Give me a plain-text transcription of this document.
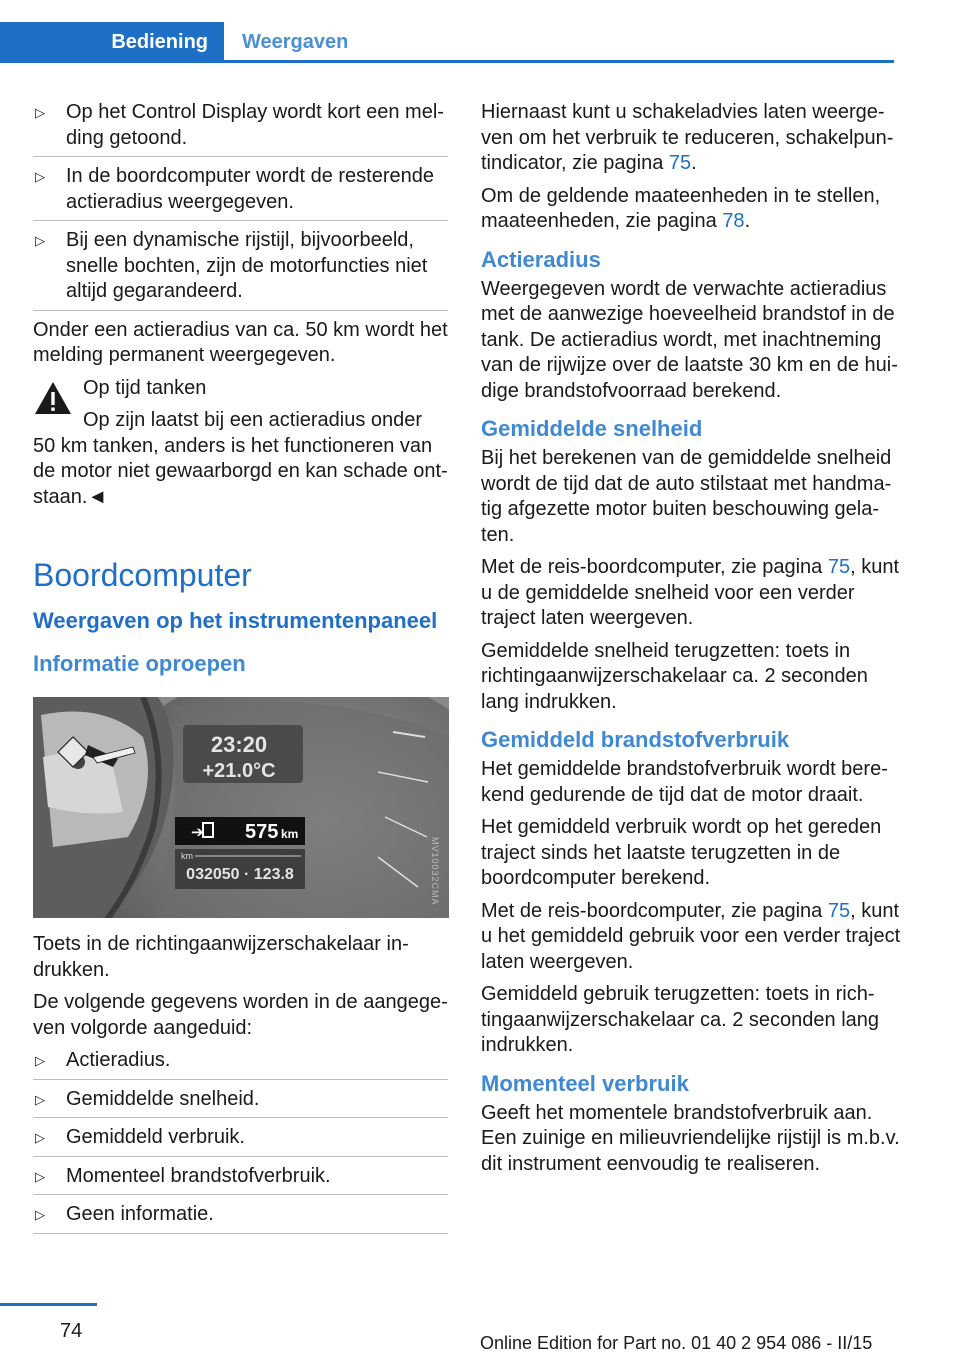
Bediening	Weergaven
▷ Op het Control Display wordt kort een mel‐ding getoond.
▷ In de boordcomputer wordt de resterende actieradius weergegeven.
▷ Bij een dynamische rijstijl, bijvoorbeeld, snelle bochten, zijn de motorfuncties niet altijd gegarandeerd.

Onder een actieradius van ca. 50 km wordt het melding permanent weergegeven.

Op tijd tanken

Op zijn laatst bij een actieradius onder 50 km tanken, anders is het functioneren van de motor niet gewaarborgd en kan schade ont‐staan.◄

Boordcomputer
Weergaven op het instrumentenpaneel
Informatie oproepen
23:20
+21.0°C
➔ 575 km
km
032050 · 123.8	MV10032CMA

Toets in de richtingaanwijzerschakelaar in‐drukken.

De volgende gegevens worden in de aangege‐ven volgorde aangeduid:

▷ Actieradius.
▷ Gemiddelde snelheid.
▷ Gemiddeld verbruik.
▷ Momenteel brandstofverbruik.
▷ Geen informatie.

Hiernaast kunt u schakeladvies laten weerge‐ven om het verbruik te reduceren, schakelpun‐tindicator, zie pagina 75.

Om de geldende maateenheden in te stellen, maateenheden, zie pagina 78.

Actieradius

Weergegeven wordt de verwachte actieradius met de aanwezige hoeveelheid brandstof in de tank. De actieradius wordt, met inachtneming van de rijwijze over de laatste 30 km en de hui‐dige brandstofvoorraad berekend.

Gemiddelde snelheid

Bij het berekenen van de gemiddelde snelheid wordt de tijd dat de auto stilstaat met handma‐tig afgezette motor buiten beschouwing gela‐ten.

Met de reis-boordcomputer, zie pagina 75, kunt u de gemiddelde snelheid voor een verder traject laten weergeven.

Gemiddelde snelheid terugzetten: toets in richtingaanwijzerschakelaar ca. 2 seconden lang indrukken.

Gemiddeld brandstofverbruik

Het gemiddelde brandstofverbruik wordt bere‐kend gedurende de tijd dat de motor draait.

Het gemiddeld verbruik wordt op het gereden traject sinds het laatste terugzetten in de boordcomputer berekend.

Met de reis-boordcomputer, zie pagina 75, kunt u het gemiddeld gebruik voor een verder traject laten weergeven.

Gemiddeld gebruik terugzetten: toets in rich‐tingaanwijzerschakelaar ca. 2 seconden lang indrukken.

Momenteel verbruik

Geeft het momentele brandstofverbruik aan. Een zuinige en milieuvriendelijke rijstijl is m.b.v. dit instrument eenvoudig te realiseren.

74
Online Edition for Part no. 01 40 2 954 086 - II/15
